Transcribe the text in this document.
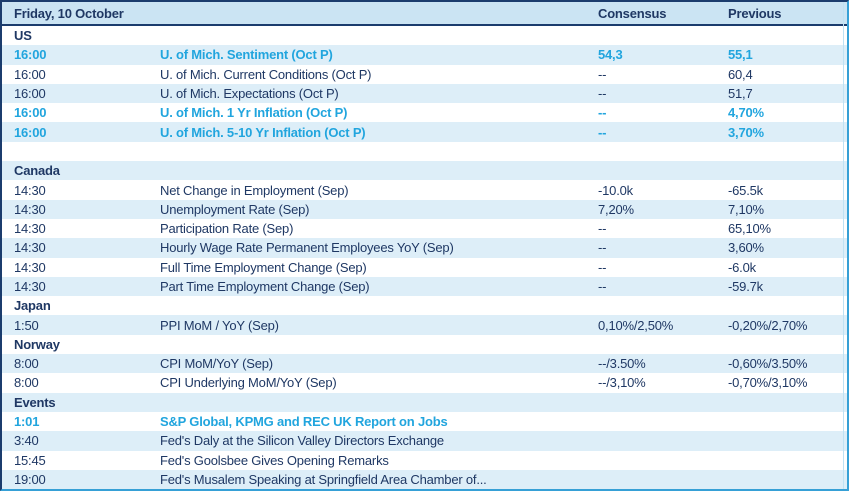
Friday, 10 October	Consensus	Previous
US
16:00	U. of Mich. Sentiment (Oct P)	54,3	55,1
16:00	U. of Mich. Current Conditions (Oct P)	--	60,4
16:00	U. of Mich. Expectations (Oct P)	--	51,7
16:00	U. of Mich. 1 Yr Inflation (Oct P)	--	4,70%
16:00	U. of Mich. 5-10 Yr Inflation (Oct P)	--	3,70%
Canada
14:30	Net Change in Employment (Sep)	-10.0k	-65.5k
14:30	Unemployment Rate (Sep)	7,20%	7,10%
14:30	Participation Rate (Sep)	--	65,10%
14:30	Hourly Wage Rate Permanent Employees YoY (Sep)	--	3,60%
14:30	Full Time Employment Change (Sep)	--	-6.0k
14:30	Part Time Employment Change (Sep)	--	-59.7k
Japan
1:50	PPI MoM / YoY (Sep)	0,10%/2,50%	-0,20%/2,70%
Norway
8:00	CPI MoM/YoY (Sep)	--/3.50%	-0,60%/3.50%
8:00	CPI Underlying MoM/YoY (Sep)	--/3,10%	-0,70%/3,10%
Events
1:01	S&P Global, KPMG and REC UK Report on Jobs
3:40	Fed's Daly at the Silicon Valley Directors Exchange
15:45	Fed's Goolsbee Gives Opening Remarks
19:00	Fed's Musalem Speaking at Springfield Area Chamber of...
